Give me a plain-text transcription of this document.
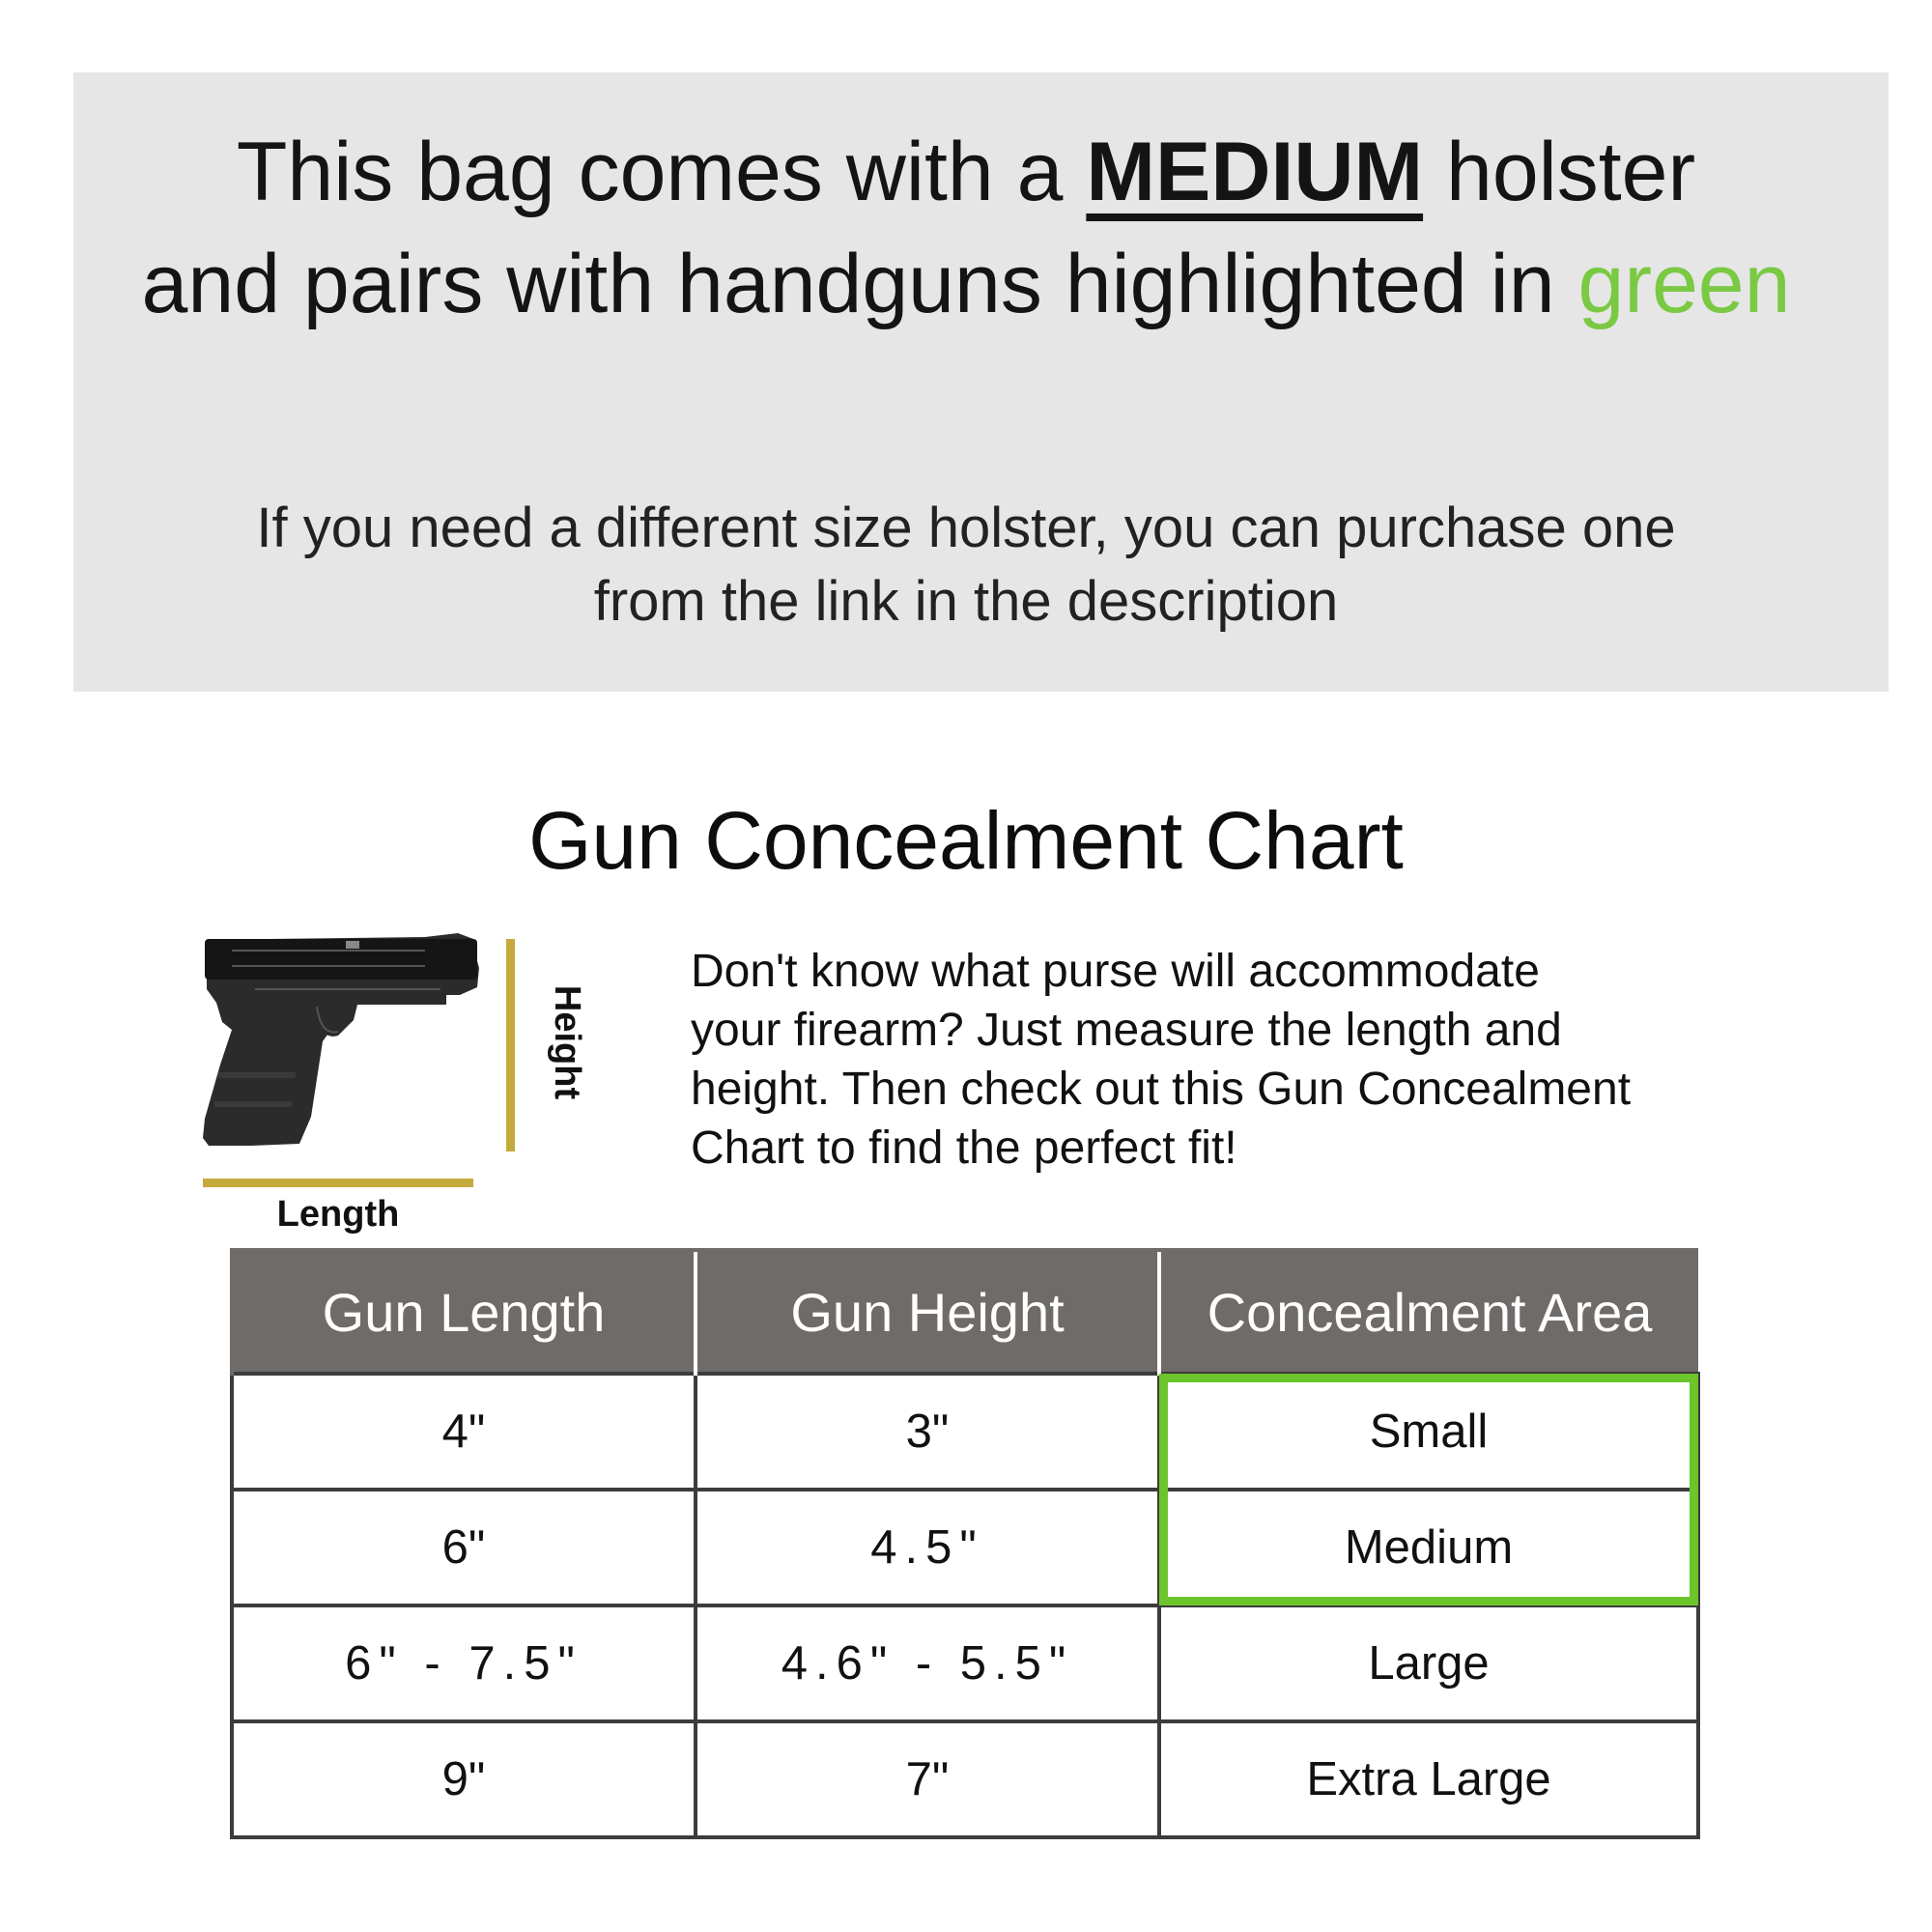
This bag comes with a MEDIUM holster
and pairs with handguns highlighted in green
If you need a different size holster, you can purchase one
from the link in the description
Gun Concealment Chart
Length
Height
Don't know what purse will accommodate
your firearm? Just measure the length and
height. Then check out this Gun Concealment
Chart to find the perfect fit!
Gun Length	Gun Height	Concealment Area
4"	3"	Small
6"	4.5"	Medium
6" - 7.5"	4.6" - 5.5"	Large
9"	7"	Extra Large
